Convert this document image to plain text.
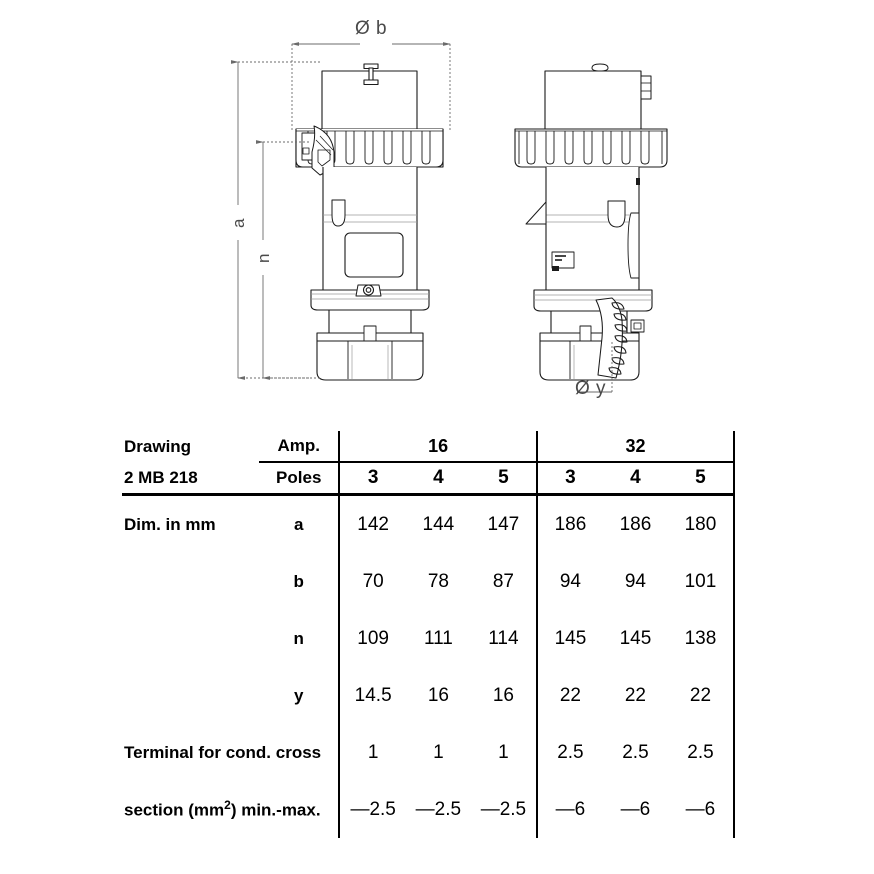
Ø b
a
n
Ø y
Drawing	Amp.	16			32		
2 MB 218	Poles	3	4	5	3	4	5
Dim. in mm	a	142	144	147	186	186	180
	b	70	78	87	94	94	101
	n	109	111	114	145	145	138
	y	14.5	16	16	22	22	22
Terminal for cond. cross		1	1	1	2.5	2.5	2.5
section $(mm^2)$ min.-max.		—2.5	—2.5	—2.5	—6	—6	—6
